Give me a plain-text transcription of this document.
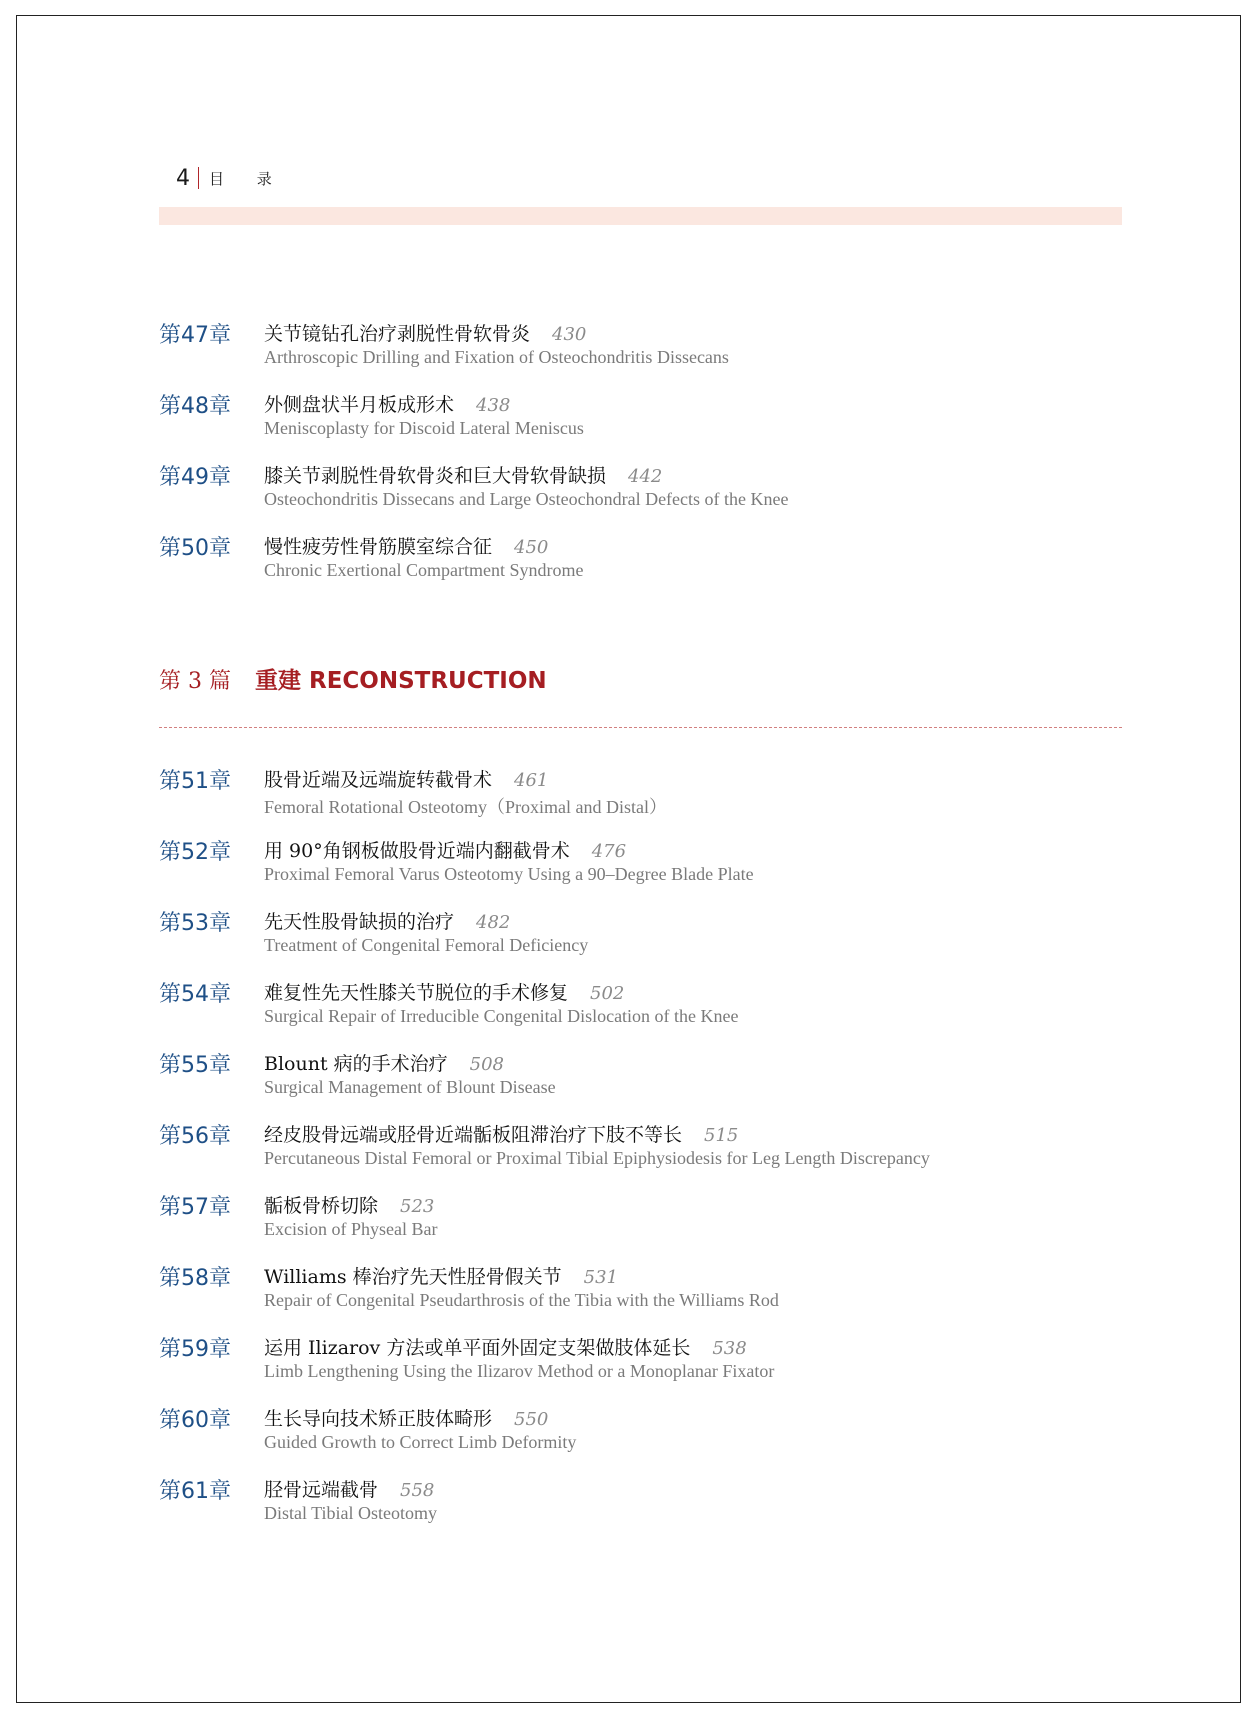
4 目 录
第47章 关节镜钻孔治疗剥脱性骨软骨炎 430
Arthroscopic Drilling and Fixation of Osteochondritis Dissecans
第48章 外侧盘状半月板成形术 438
Meniscoplasty for Discoid Lateral Meniscus
第49章 膝关节剥脱性骨软骨炎和巨大骨软骨缺损 442
Osteochondritis Dissecans and Large Osteochondral Defects of the Knee
第50章 慢性疲劳性骨筋膜室综合征 450
Chronic Exertional Compartment Syndrome
第 3 篇 重建 RECONSTRUCTION
第51章 股骨近端及远端旋转截骨术 461
Femoral Rotational Osteotomy（Proximal and Distal）
第52章 用 90°角钢板做股骨近端内翻截骨术 476
Proximal Femoral Varus Osteotomy Using a 90–Degree Blade Plate
第53章 先天性股骨缺损的治疗 482
Treatment of Congenital Femoral Deficiency
第54章 难复性先天性膝关节脱位的手术修复 502
Surgical Repair of Irreducible Congenital Dislocation of the Knee
第55章 Blount 病的手术治疗 508
Surgical Management of Blount Disease
第56章 经皮股骨远端或胫骨近端骺板阻滞治疗下肢不等长 515
Percutaneous Distal Femoral or Proximal Tibial Epiphysiodesis for Leg Length Discrepancy
第57章 骺板骨桥切除 523
Excision of Physeal Bar
第58章 Williams 棒治疗先天性胫骨假关节 531
Repair of Congenital Pseudarthrosis of the Tibia with the Williams Rod
第59章 运用 Ilizarov 方法或单平面外固定支架做肢体延长 538
Limb Lengthening Using the Ilizarov Method or a Monoplanar Fixator
第60章 生长导向技术矫正肢体畸形 550
Guided Growth to Correct Limb Deformity
第61章 胫骨远端截骨 558
Distal Tibial Osteotomy
